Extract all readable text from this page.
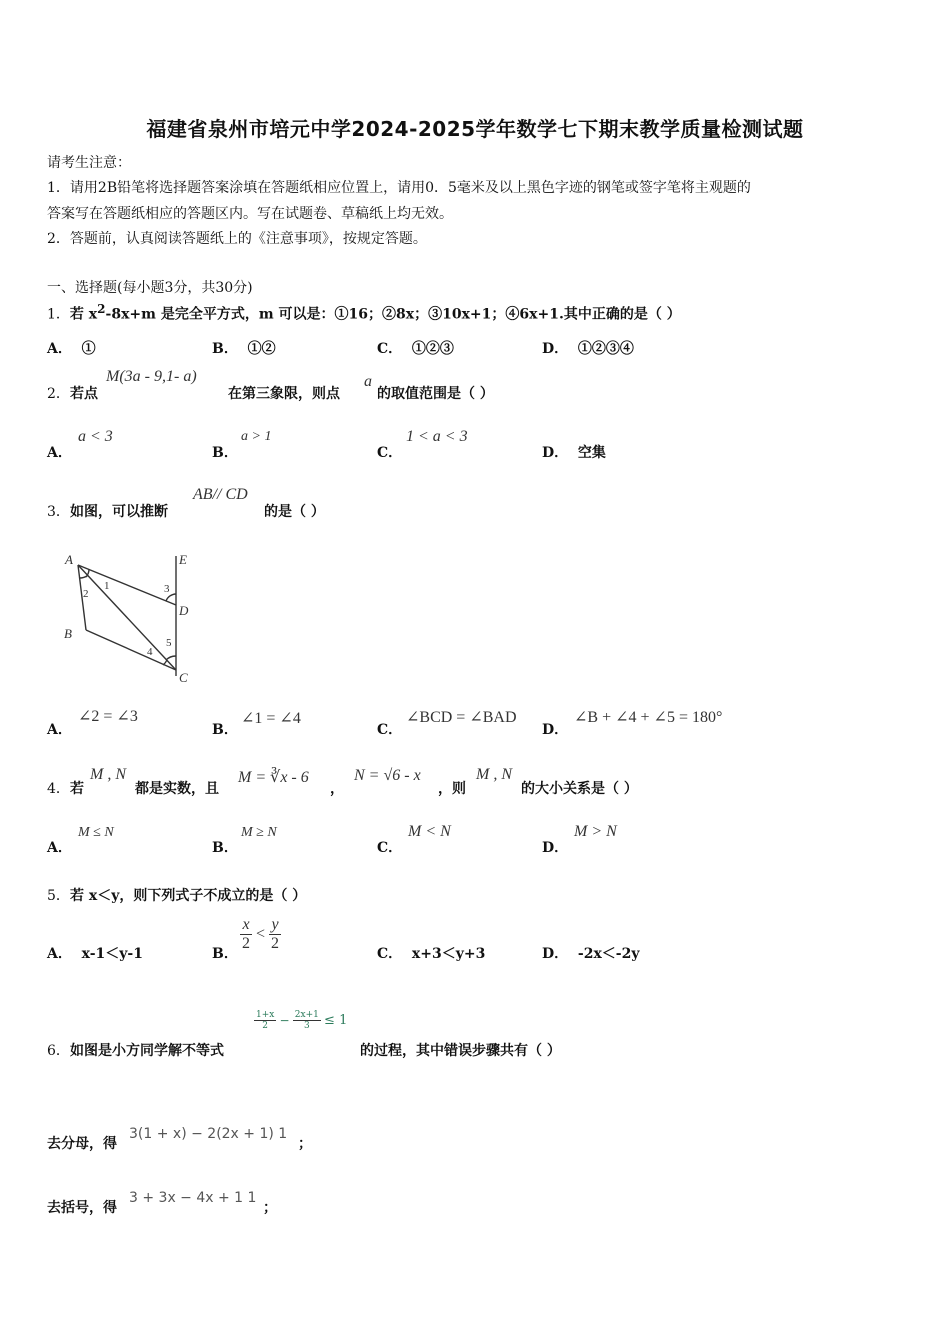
福建省泉州市培元中学2024-2025学年数学七下期末教学质量检测试题
请考生注意：
1．请用2B铅笔将选择题答案涂填在答题纸相应位置上，请用0．5毫米及以上黑色字迹的钢笔或签字笔将主观题的
答案写在答题纸相应的答题区内。写在试题卷、草稿纸上均无效。
2．答题前，认真阅读答题纸上的《注意事项》，按规定答题。
一、选择题(每小题3分，共30分)
1．若 $x^2-8x+m$ 是完全平方式，m 可以是：①16；②8x；③10x+1；④6x+1.其中正确的是（ ）
A． ①	B． ①②	C． ①②③	D． ①②③④
2． 若点
M(3a - 9,1- a)
在第三象限，则点
a
的取值范围是（ ）
A．
a < 3
B．
a > 1
C．
1 < a < 3
D． 空集
3． 如图，可以推断
AB// CD
的是（ ）
A
B
C
D
E
1
2	3
4
5
A．
∠2 = ∠3
B．
∠1 = ∠4
C．
∠BCD = ∠BAD
D．
∠B + ∠4 + ∠5 = 180°
4． 若
M , N
都是实数，且
M = ∛x - 6
，
N = √6 - x
，则
M , N
的大小关系是（ ）
A．
M ≤ N
B．
M ≥ N
C．
M < N
D．
M > N
5． 若 x＜y，则下列式子不成立的是（ ）
A． x-1＜y-1	B．
$\frac{x}{2} < \frac{y}{2}$
C． x+3＜y+3	D． -2x＜-2y
6． 如图是小方同学解不等式
$\frac{1+x}{2} - \frac{2x+1}{3} \le 1$
的过程，其中错误步骤共有（ ）
去分母，得
3(1 + x) − 2(2x + 1) 1
；
去括号，得
3 + 3x − 4x + 1 1
；
